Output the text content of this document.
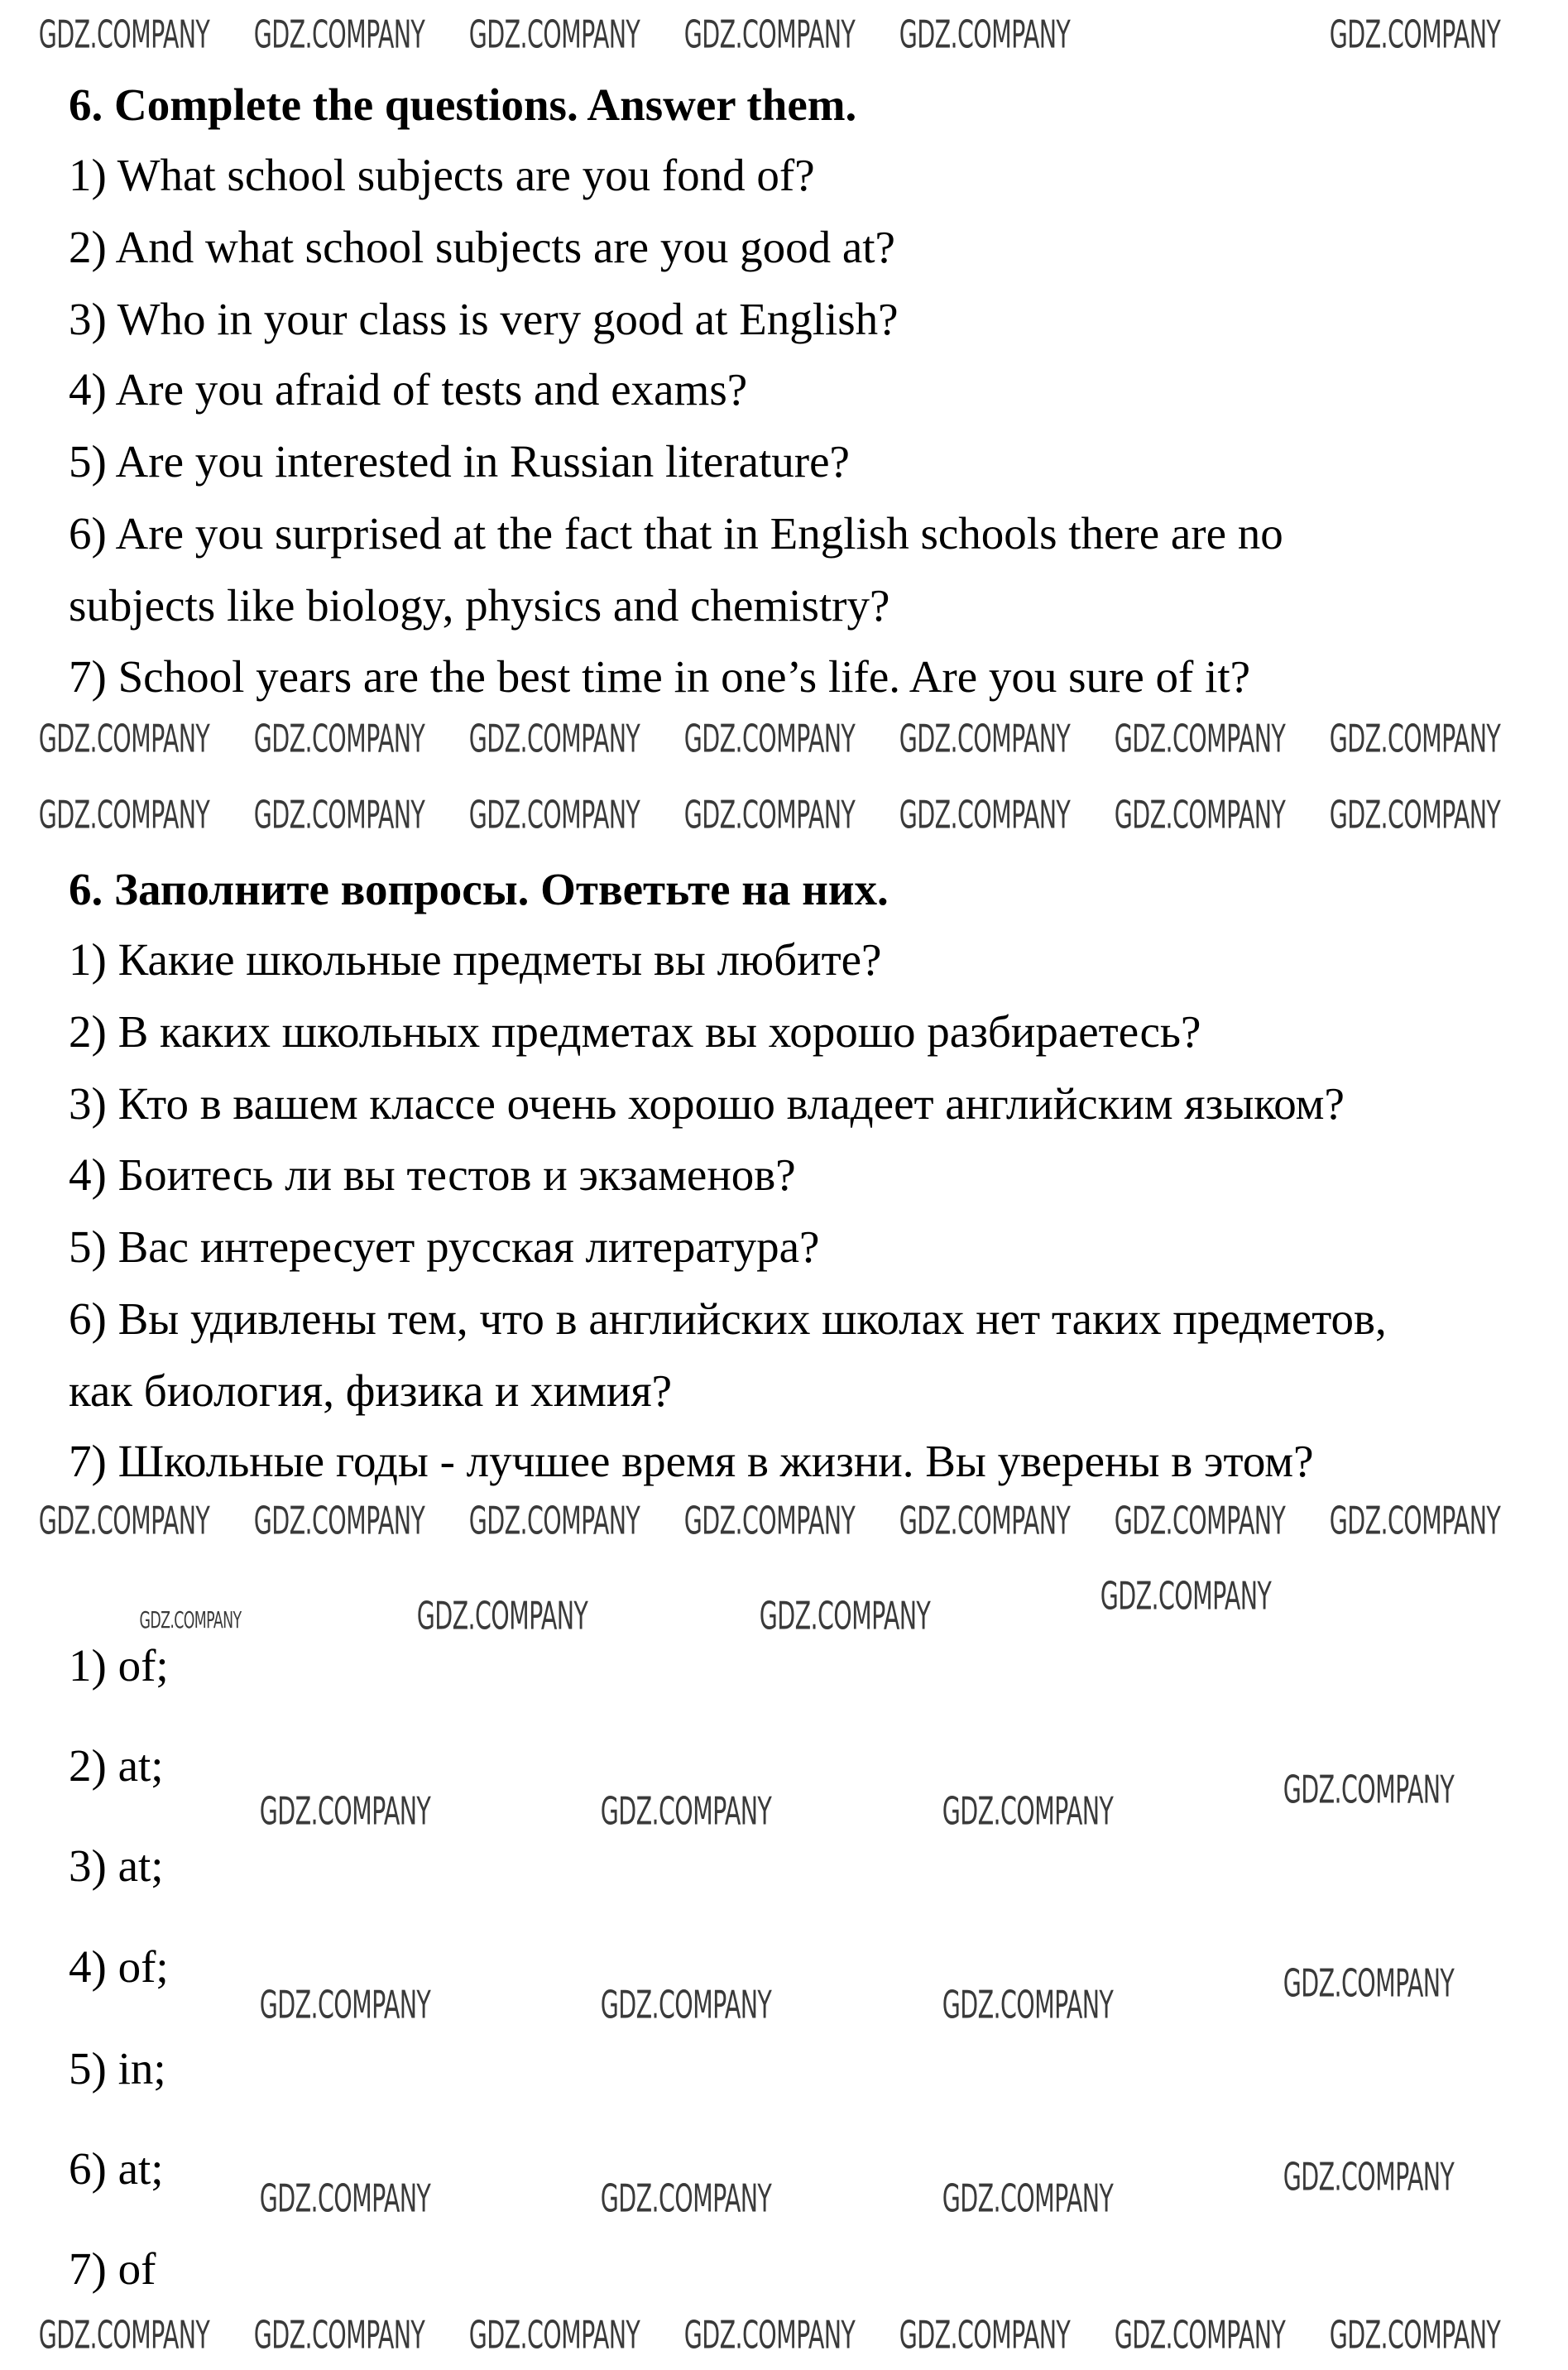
6. Complete the questions. Answer them.
1) What school subjects are you fond of?
2) And what school subjects are you good at?
3) Who in your class is very good at English?
4) Are you afraid of tests and exams?
5) Are you interested in Russian literature?
6) Are you surprised at the fact that in English schools there are no
subjects like biology, physics and chemistry?
7) School years are the best time in one’s life. Are you sure of it?
6. Заполните вопросы. Ответьте на них.
1) Какие школьные предметы вы любите?
2) В каких школьных предметах вы хорошо разбираетесь?
3) Кто в вашем классе очень хорошо владеет английским языком?
4) Боитесь ли вы тестов и экзаменов?
5) Вас интересует русская литература?
6) Вы удивлены тем, что в английских школах нет таких предметов,
как биология, физика и химия?
7) Школьные годы - лучшее время в жизни. Вы уверены в этом?
1) of;
2) at;
3) at;
4) of;
5) in;
6) at;
7) of
GDZ.COMPANY GDZ.COMPANY GDZ.COMPANY GDZ.COMPANY GDZ.COMPANY	GDZ.COMPANY
GDZ.COMPANY GDZ.COMPANY GDZ.COMPANY GDZ.COMPANY GDZ.COMPANY GDZ.COMPANY GDZ.COMPANY
GDZ.COMPANY GDZ.COMPANY GDZ.COMPANY GDZ.COMPANY GDZ.COMPANY GDZ.COMPANY GDZ.COMPANY
GDZ.COMPANY GDZ.COMPANY GDZ.COMPANY GDZ.COMPANY GDZ.COMPANY GDZ.COMPANY GDZ.COMPANY
GDZ.COMPANY GDZ.COMPANY GDZ.COMPANY GDZ.COMPANY GDZ.COMPANY GDZ.COMPANY GDZ.COMPANY
GDZ.COMPANY	GDZ.COMPANY	GDZ.COMPANY	GDZ.COMPANY
GDZ.COMPANY	GDZ.COMPANY	GDZ.COMPANY	GDZ.COMPANY
GDZ.COMPANY	GDZ.COMPANY	GDZ.COMPANY	GDZ.COMPANY
GDZ.COMPANY	GDZ.COMPANY	GDZ.COMPANY	GDZ.COMPANY
